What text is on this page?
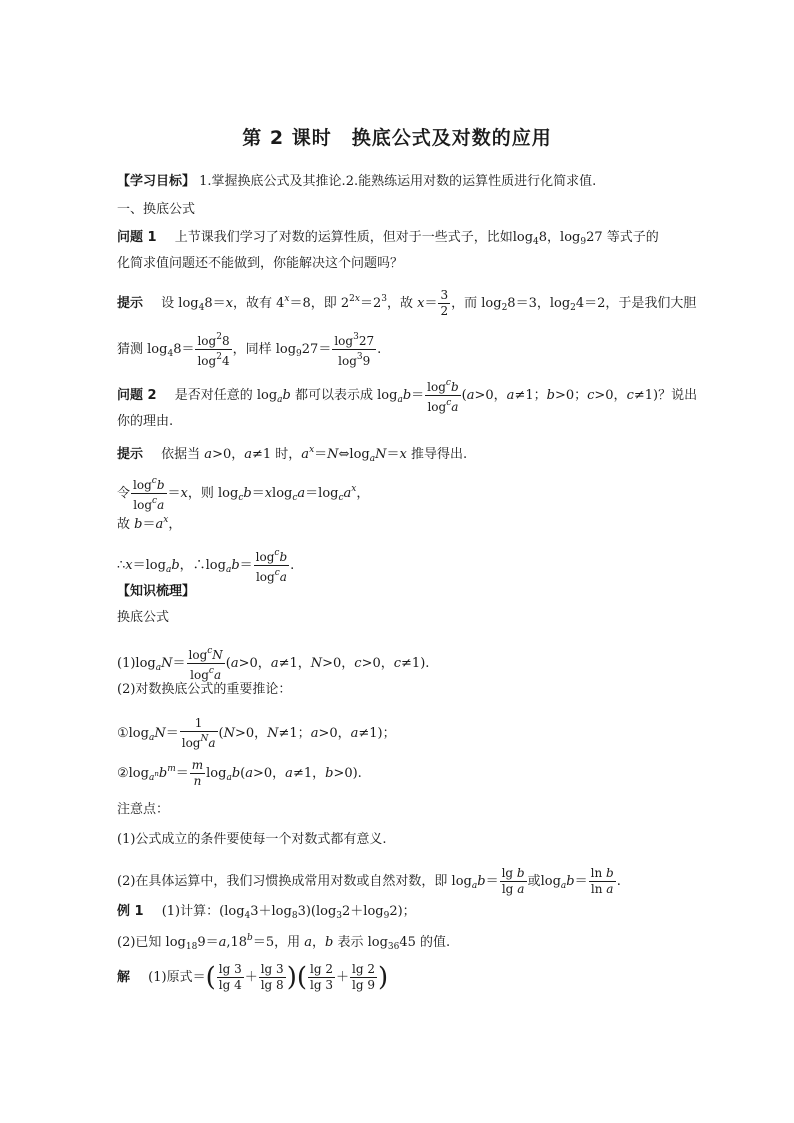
第 2 课时　换底公式及对数的应用
【学习目标】 1.掌握换底公式及其推论.2.能熟练运用对数的运算性质进行化简求值.
一、换底公式
问题 1 上节课我们学习了对数的运算性质，但对于一些式子，比如$\log_48$，$\log_927$ 等式子的
化简求值问题还不能做到，你能解决这个问题吗？
提示 设 $\log_48=x$，故有 $4^x=8$，即 $2^{2x}=2^3$，故 $x= \frac{3}{2}$ ，而 $\log_28=3$，$\log_24=2$，于是我们大胆
猜测 $\log_48= \frac{\log^28}{\log^24}$ ，同样 $\log_927= \frac{\log^327}{\log^39}$ .
问题 2 是否对任意的 $\log_ab$ 都可以表示成 $\log_ab= \frac{\log^cb}{\log^ca} (a>0$，a≠1；b>0；c>0，c≠1)？说出
你的理由.
提示 依据当 a>0，a≠1 时，$a^x=N\Leftrightarrow\log_aN=x$ 推导得出.
令 $\frac{\log^cb}{\log^ca} =x$，则 $\log_cb=xlog_ca=\log_ca^x$，
故 $b=a^x$，
$\therefore x=\log_ab$，$\therefore\log_ab= \frac{\log^cb}{\log^ca}$ .
【知识梳理】
换底公式
$(1)\log_aN= \frac{\log^cN}{\log^ca} (a>0$，a≠1，N>0，c>0，c≠1).
(2)对数换底公式的重要推论：
$①\log_aN= \frac{1}{\log^Na} (N>0$，N≠1；a>0，a≠1)；
$②\log_{a^n}b^m= \frac{m}{n} \log_ab(a>0$，a≠1，b>0).
注意点：
(1)公式成立的条件要使每一个对数式都有意义.
(2)在具体运算中，我们习惯换成常用对数或自然对数，即 $\log_ab= \frac{\text{lg b}}{\text{lg a}}$ 或$\log_ab= \frac{\text{ln b}}{\text{ln a}}$ .
例 1 (1)计算：$(\log_43+\log_83)(\log_32+\log_92)$；
(2)已知 $\log_{18}9=a,18^b=5$，用 a，b 表示 $\log_{36}45$ 的值.
解 (1)原式＝( $\frac{\lg 3}{\lg 4} + \frac{\lg 3}{\lg 8}$ )( $\frac{\lg 2}{\lg 3} + \frac{\lg 2}{\lg 9}$ )
